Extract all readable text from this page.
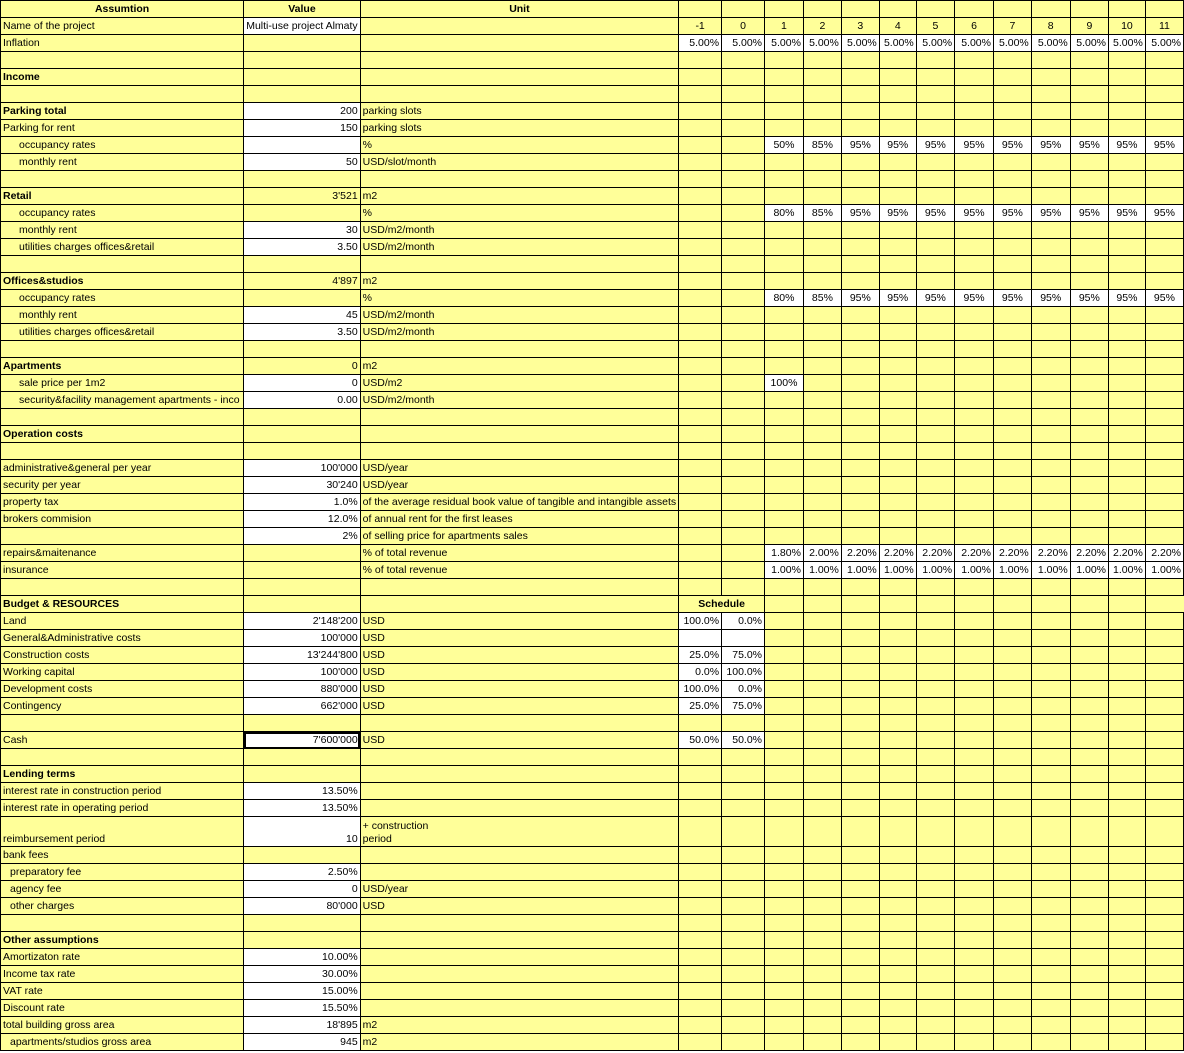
Assumtion	Value	Unit													
Name of the project	Multi-use project Almaty		-1	0	1	2	3	4	5	6	7	8	9	10	11
Inflation			5.00%	5.00%	5.00%	5.00%	5.00%	5.00%	5.00%	5.00%	5.00%	5.00%	5.00%	5.00%	5.00%

Income															

Parking total	200	parking slots													
Parking for rent	150	parking slots													
occupancy rates		%			50%	85%	95%	95%	95%	95%	95%	95%	95%	95%	95%
monthly rent	50	USD/slot/month													

Retail	3'521	m2													
occupancy rates		%			80%	85%	95%	95%	95%	95%	95%	95%	95%	95%	95%
monthly rent	30	USD/m2/month													
utilities charges offices&retail	3.50	USD/m2/month													

Offices&studios	4'897	m2													
occupancy rates		%			80%	85%	95%	95%	95%	95%	95%	95%	95%	95%	95%
monthly rent	45	USD/m2/month													
utilities charges offices&retail	3.50	USD/m2/month													

Apartments	0	m2													
sale price per 1m2	0	USD/m2			100%										
security&facility management apartments - inco	0.00	USD/m2/month													

Operation costs															

administrative&general per year	100'000	USD/year													
security per year	30'240	USD/year													
property tax	1.0%	of the average residual book value of tangible and intangible assets													
brokers commision	12.0%	of annual rent for the first leases													
	2%	of selling price for apartments sales													
repairs&maitenance		% of total revenue			1.80%	2.00%	2.20%	2.20%	2.20%	2.20%	2.20%	2.20%	2.20%	2.20%	2.20%
insurance		% of total revenue			1.00%	1.00%	1.00%	1.00%	1.00%	1.00%	1.00%	1.00%	1.00%	1.00%	1.00%

Budget & RESOURCES			Schedule												
Land	2'148'200	USD	100.0%	0.0%											
General&Administrative costs	100'000	USD													
Construction costs	13'244'800	USD	25.0%	75.0%											
Working capital	100'000	USD	0.0%	100.0%											
Development costs	880'000	USD	100.0%	0.0%											
Contingency	662'000	USD	25.0%	75.0%											

Cash	7'600'000	USD	50.0%	50.0%											

Lending terms															
interest rate in construction period	13.50%														
interest rate in operating period	13.50%														
reimbursement period	10	+ construction
period													

bank fees															
preparatory fee	2.50%														
agency fee	0	USD/year													
other charges	80'000	USD													

Other assumptions															
Amortizaton rate	10.00%														
Income tax rate	30.00%														
VAT rate	15.00%														
Discount rate	15.50%														
total building gross area	18'895	m2													
apartments/studios gross area	945	m2													
